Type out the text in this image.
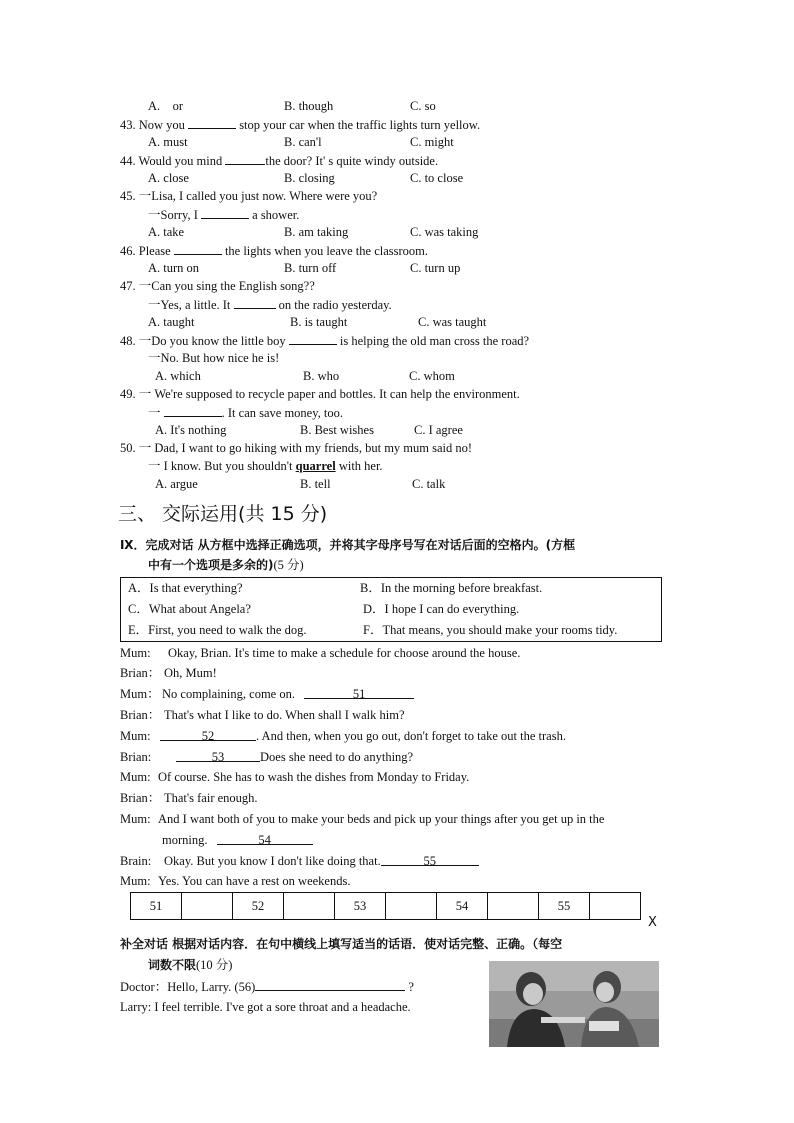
A.　or	B. though	C. so
43. Now you	stop your car when the traffic lights turn yellow.
A. must	B. can'l	C. might
44. Would you mind	the door? It' s quite windy outside.
A. close	B. closing	C. to close
45. 一Lisa, I called you just now. Where were you?
一Sorry, I	a shower.
A. take	B. am taking	C. was taking
46. Please	the lights when you leave the classroom.
A. turn on	B. turn off	C. turn up
47. 一Can you sing the English song??
一Yes, a little. It	on the radio yesterday.
A. taught	B. is taught	C. was taught
48. 一Do you know the little boy	is helping the old man cross the road?
一No. But how nice he is!
A. which	B. who	C. whom
49. 一 We're supposed to recycle paper and bottles. It can help the environment.
一	. It can save money, too.
A. It's nothing	B. Best wishes	C. I agree
50. 一 Dad, I want to go hiking with my friends, but my mum said no!
一 I know. But you shouldn't quarrel with her.
A. argue	B. tell	C. talk
三、 交际运用(共 15 分)
Ⅸ．完成对话 从方框中选择正确选项，并将其字母序号写在对话后面的空格内。(方框
中有一个选项是多余的)(5 分)
A．Is that everything?	B．In the morning before breakfast.
C．What about Angela?	D．I hope I can do everything.
E．First, you need to walk the dog.	F．That means, you should make your rooms tidy.
Mum: Okay, Brian. It's time to make a schedule for choose around the house.
Brian： Oh, Mum!
Mum： No complaining, come on.	51
Brian： That's what I like to do. When shall I walk him?
Mum:	52	. And then, when you go out, don't forget to take out the trash.
Brian:	53	Does she need to do anything?
Mum: Of course. She has to wash the dishes from Monday to Friday.
Brian： That's fair enough.
Mum: And I want both of you to make your beds and pick up your things after you get up in the
morning.	54
Brain: Okay. But you know I don't like doing that.	55
Mum: Yes. You can have a rest on weekends.
51		52		53		54		55	
X
补全对话 根据对话内容．在句中横线上填写适当的话语．使对话完整、正确。（每空
词数不限(10 分)
Doctor：Hello, Larry. (56)	?
Larry: I feel terrible. I've got a sore throat and a headache.
